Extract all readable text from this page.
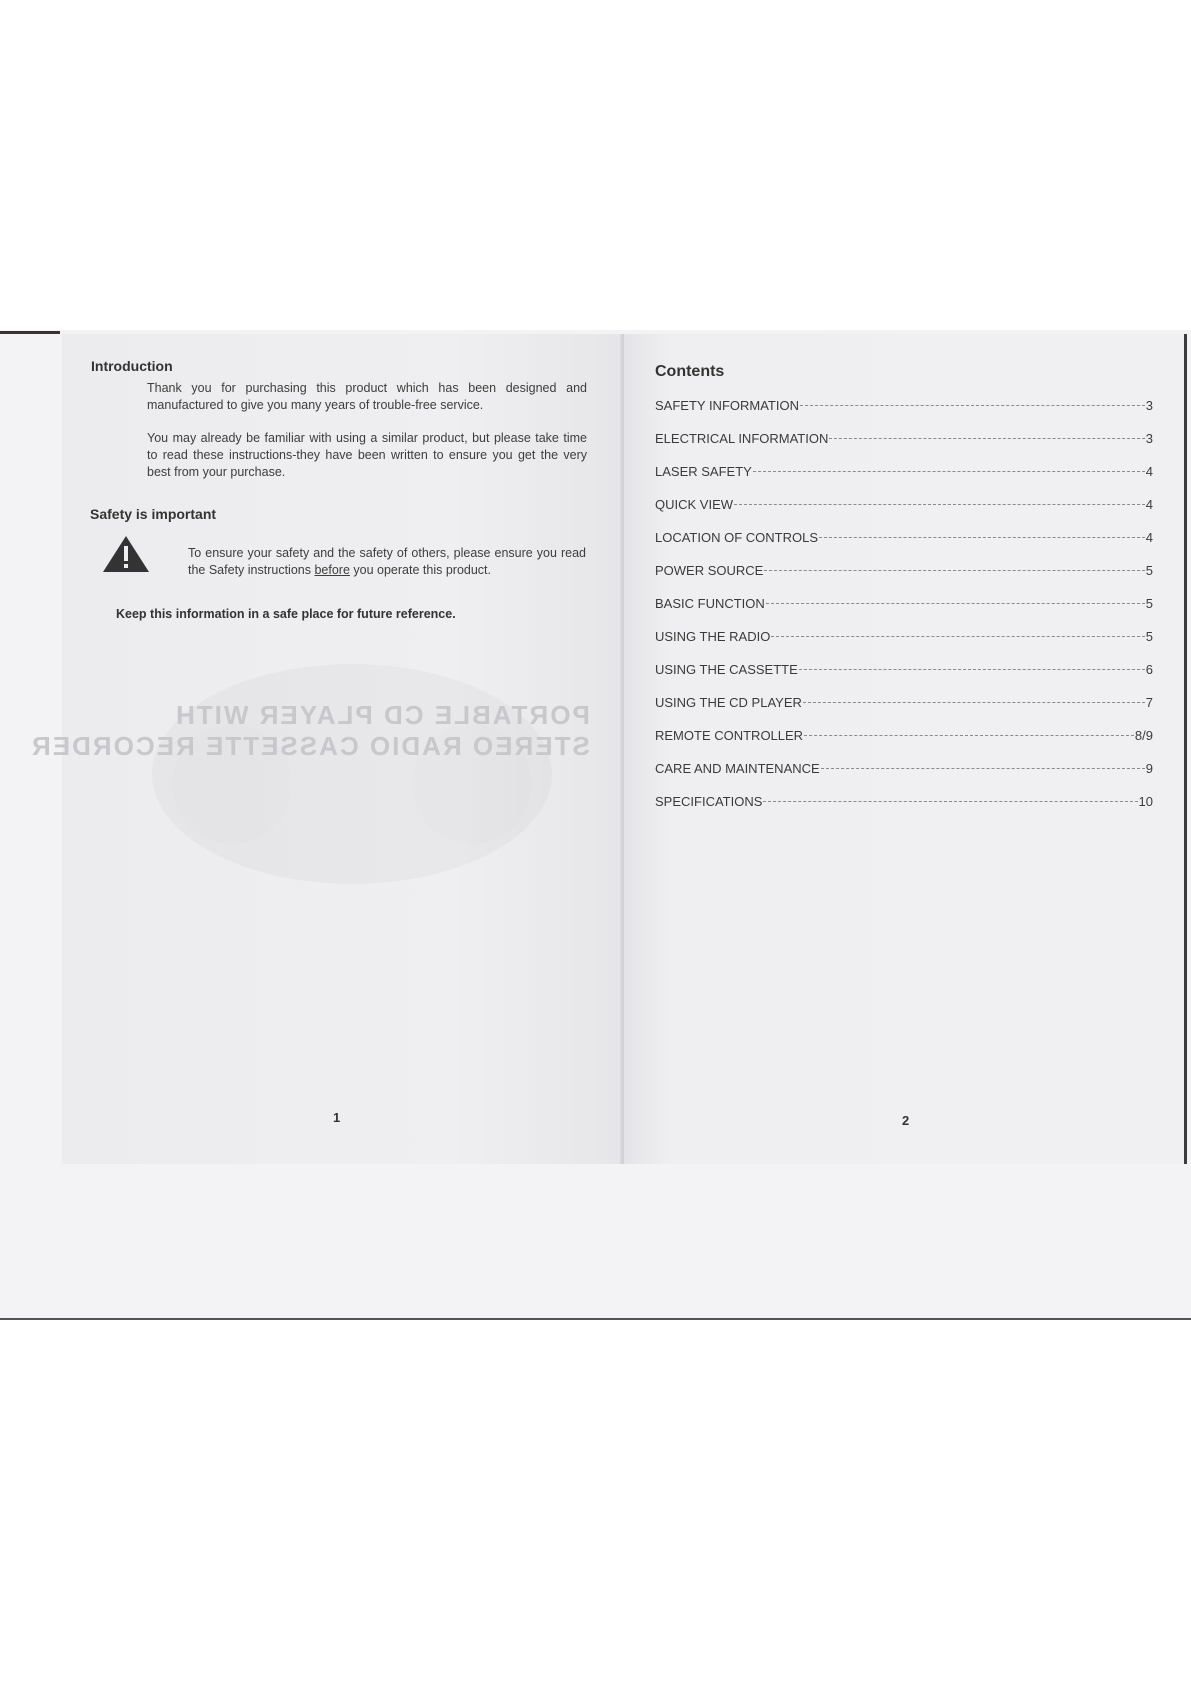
Introduction

Thank you for purchasing this product which has been designed and manufactured to give you many years of trouble-free service.

You may already be familiar with using a similar product, but please take time to read these instructions-they have been written to ensure you get the very best from your purchase.

Safety is important

To ensure your safety and the safety of others, please ensure you read the Safety instructions before you operate this product.

Keep this information in a safe place for future reference.

PORTABLE CD PLAYER WITH
STEREO RADIO CASSETTE RECORDER
1
Contents
SAFETY INFORMATION	3
ELECTRICAL INFORMATION	3
LASER SAFETY	4
QUICK VIEW	4
LOCATION OF CONTROLS	4
POWER SOURCE	5
BASIC FUNCTION	5
USING THE RADIO	5
USING THE CASSETTE	6
USING THE CD PLAYER	7
REMOTE CONTROLLER	8/9
CARE AND MAINTENANCE	9
SPECIFICATIONS	10
2
